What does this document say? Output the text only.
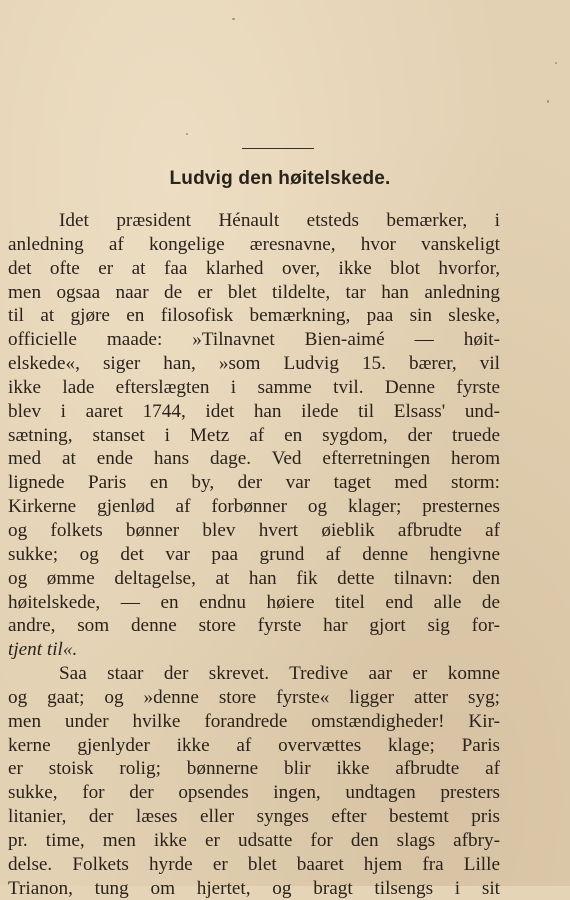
Ludvig den høitelskede.
Idet præsident Hénault etsteds bemærker, i
anledning af kongelige æresnavne, hvor vanskeligt
det ofte er at faa klarhed over, ikke blot hvorfor,
men ogsaa naar de er blet tildelte, tar han anledning
til at gjøre en filosofisk bemærkning, paa sin sleske,
officielle maade: »Tilnavnet Bien-aimé — høit-
elskede«, siger han, »som Ludvig 15. bærer, vil
ikke lade efterslægten i samme tvil. Denne fyrste
blev i aaret 1744, idet han ilede til Elsass' und-
sætning, stanset i Metz af en sygdom, der truede
med at ende hans dage. Ved efterretningen herom
lignede Paris en by, der var taget med storm:
Kirkerne gjenlød af forbønner og klager; presternes
og folkets bønner blev hvert øieblik afbrudte af
sukke; og det var paa grund af denne hengivne
og ømme deltagelse, at han fik dette tilnavn: den
høitelskede, — en endnu høiere titel end alle de
andre, som denne store fyrste har gjort sig for-
tjent til«.
Saa staar der skrevet. Tredive aar er komne
og gaat; og »denne store fyrste« ligger atter syg;
men under hvilke forandrede omstændigheder! Kir-
kerne gjenlyder ikke af overvættes klage; Paris
er stoisk rolig; bønnerne blir ikke afbrudte af
sukke, for der opsendes ingen, undtagen presters
litanier, der læses eller synges efter bestemt pris
pr. time, men ikke er udsatte for den slags afbry-
delse. Folkets hyrde er blet baaret hjem fra Lille
Trianon, tung om hjertet, og bragt tilsengs i sit
